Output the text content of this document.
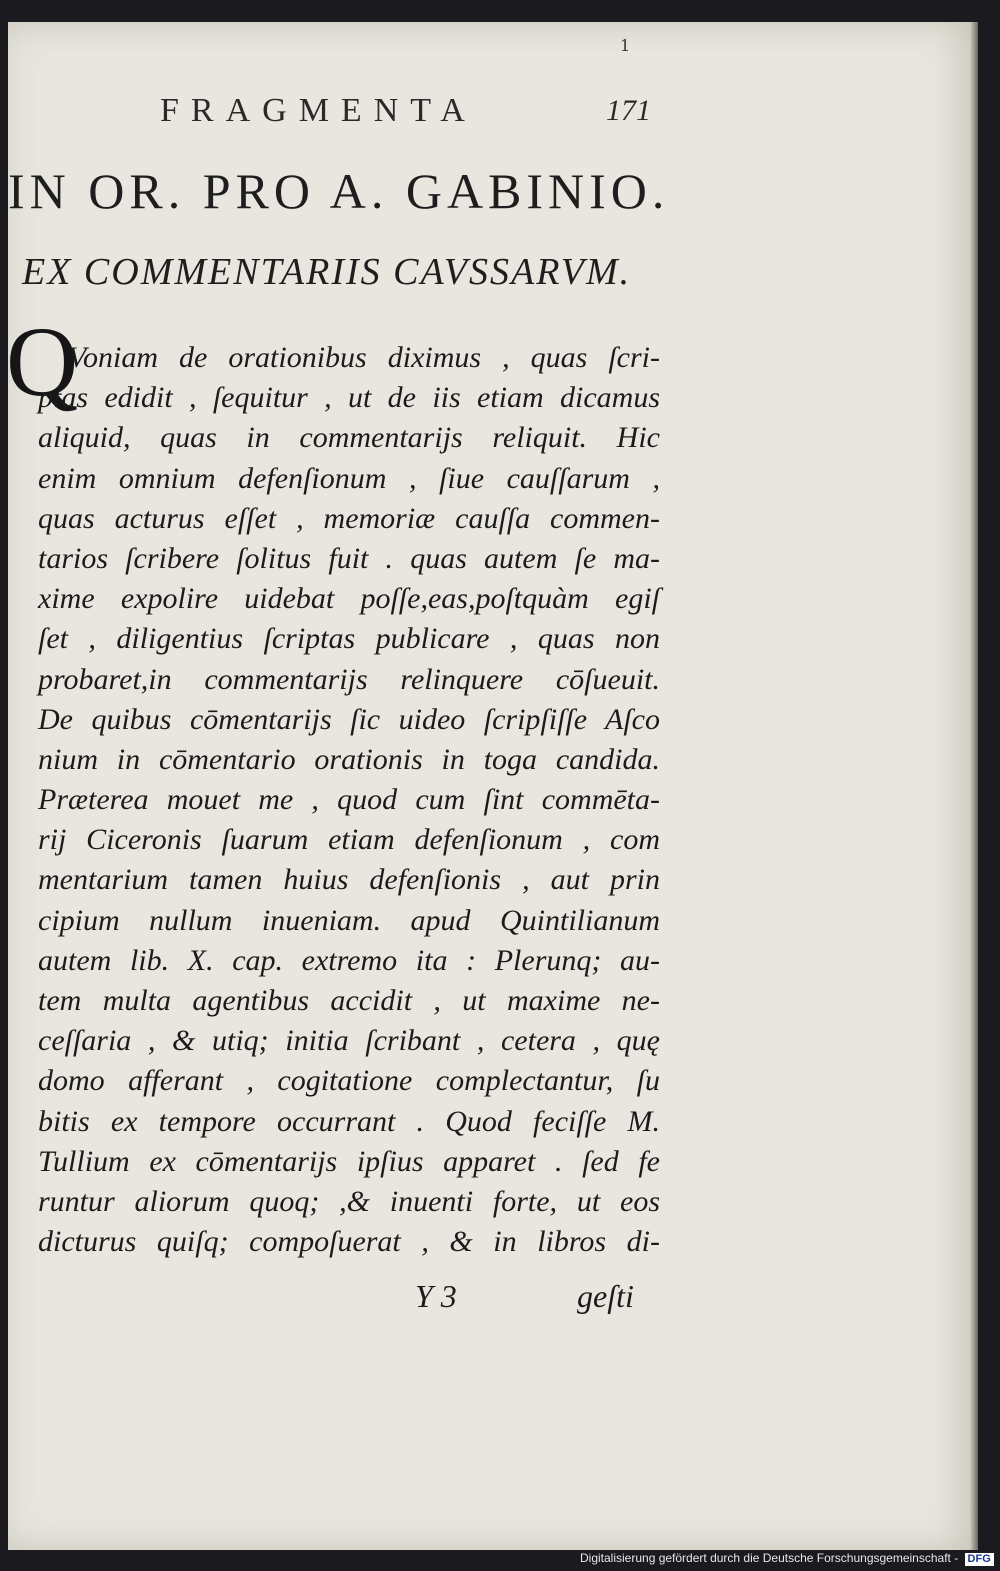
1
FRAGMENTA	171
IN OR. PRO A. GABINIO.
EX COMMENTARIIS CAVSSARVM.
Q
Voniam de orationibus diximus , quas ſcri-
ptas edidit , ſequitur , ut de iis etiam dicamus
aliquid, quas in commentarijs reliquit. Hic
enim omnium defenſionum , ſiue cauſſarum ,
quas acturus eſſet , memoriæ cauſſa commen-
tarios ſcribere ſolitus fuit . quas autem ſe ma-
xime expolire uidebat poſſe,eas,poſtquàm egiſ
ſet , diligentius ſcriptas publicare , quas non
probaret,in commentarijs relinquere cōſueuit.
De quibus cōmentarijs ſic uideo ſcripſiſſe Aſco
nium in cōmentario orationis in toga candida.
Præterea mouet me , quod cum ſint commēta-
rij Ciceronis ſuarum etiam defenſionum , com
mentarium tamen huius defenſionis , aut prin
cipium nullum inueniam. apud Quintilianum
autem lib. X. cap. extremo ita : Plerunq; au-
tem multa agentibus accidit , ut maxime ne-
ceſſaria , & utiq; initia ſcribant , cetera , quę
domo afferant , cogitatione complectantur, ſu
bitis ex tempore occurrant . Quod feciſſe M.
Tullium ex cōmentarijs ipſius apparet . ſed fe
runtur aliorum quoq; ,& inuenti forte, ut eos
dicturus quiſq; compoſuerat , & in libros di-
Y 3	geſti
Digitalisierung gefördert durch die Deutsche Forschungsgemeinschaft - DFG
